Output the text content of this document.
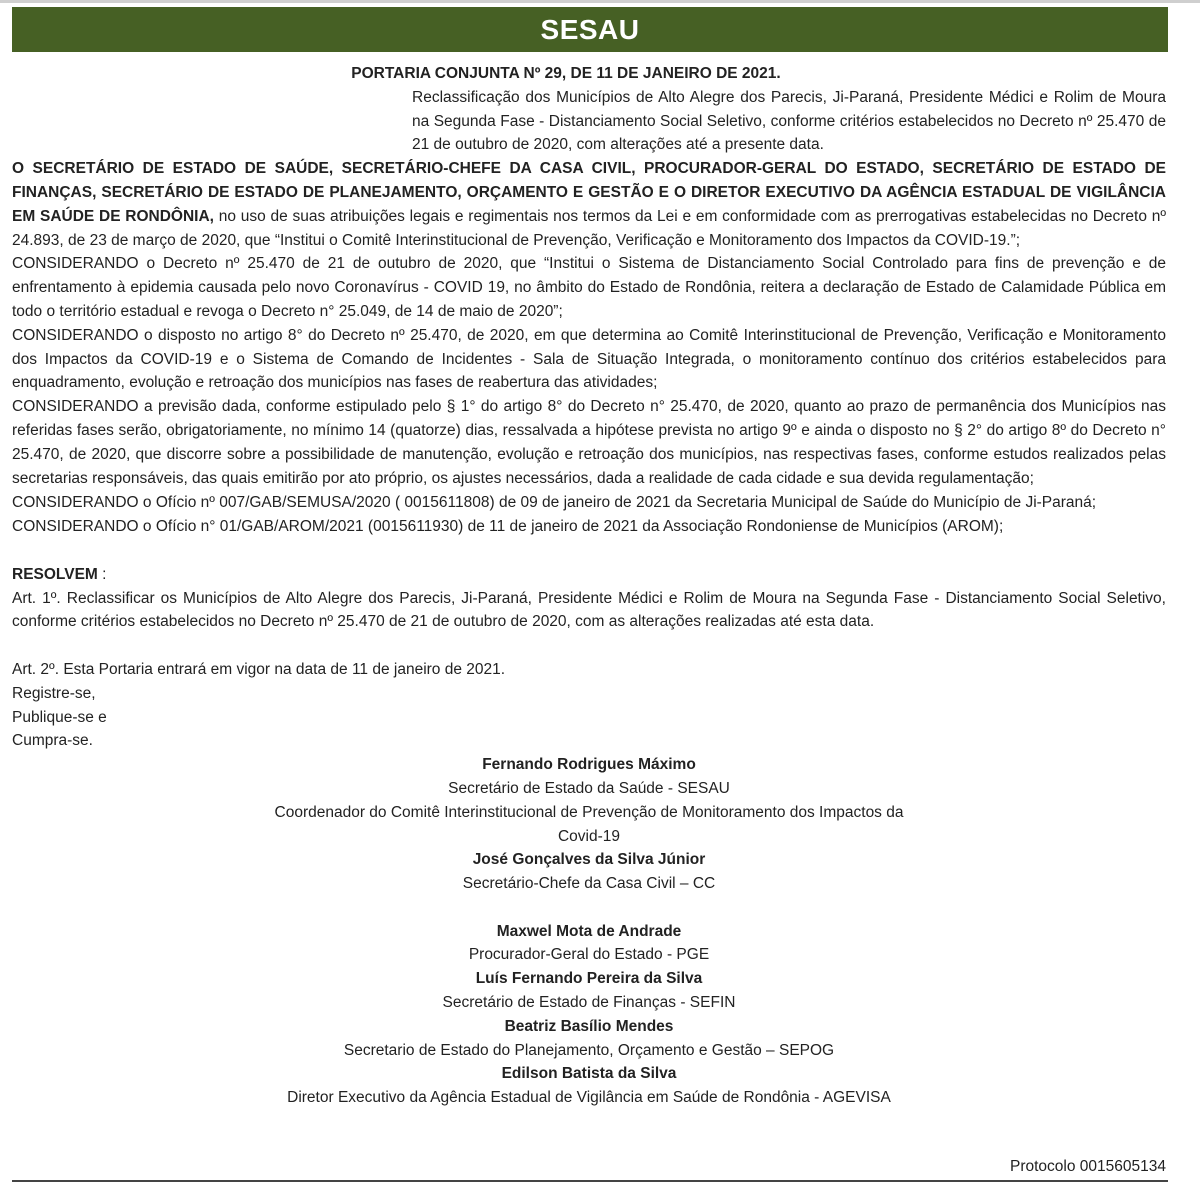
SESAU
PORTARIA CONJUNTA Nº 29, DE 11 DE JANEIRO DE 2021.

Reclassificação dos Municípios de Alto Alegre dos Parecis, Ji-Paraná, Presidente Médici e Rolim de Moura na Segunda Fase - Distanciamento Social Seletivo, conforme critérios estabelecidos no Decreto nº 25.470 de 21 de outubro de 2020, com alterações até a presente data.

O SECRETÁRIO DE ESTADO DE SAÚDE, SECRETÁRIO-CHEFE DA CASA CIVIL, PROCURADOR-GERAL DO ESTADO, SECRETÁRIO DE ESTADO DE FINANÇAS, SECRETÁRIO DE ESTADO DE PLANEJAMENTO, ORÇAMENTO E GESTÃO E O DIRETOR EXECUTIVO DA AGÊNCIA ESTADUAL DE VIGILÂNCIA EM SAÚDE DE RONDÔNIA, no uso de suas atribuições legais e regimentais nos termos da Lei e em conformidade com as prerrogativas estabelecidas no Decreto nº 24.893, de 23 de março de 2020, que “Institui o Comitê Interinstitucional de Prevenção, Verificação e Monitoramento dos Impactos da COVID-19.”;

CONSIDERANDO o Decreto nº 25.470 de 21 de outubro de 2020, que “Institui o Sistema de Distanciamento Social Controlado para fins de prevenção e de enfrentamento à epidemia causada pelo novo Coronavírus - COVID 19, no âmbito do Estado de Rondônia, reitera a declaração de Estado de Calamidade Pública em todo o território estadual e revoga o Decreto n° 25.049, de 14 de maio de 2020”;

CONSIDERANDO o disposto no artigo 8° do Decreto nº 25.470, de 2020, em que determina ao Comitê Interinstitucional de Prevenção, Verificação e Monitoramento dos Impactos da COVID-19 e o Sistema de Comando de Incidentes - Sala de Situação Integrada, o monitoramento contínuo dos critérios estabelecidos para enquadramento, evolução e retroação dos municípios nas fases de reabertura das atividades;

CONSIDERANDO a previsão dada, conforme estipulado pelo § 1° do artigo 8° do Decreto n° 25.470, de 2020, quanto ao prazo de permanência dos Municípios nas referidas fases serão, obrigatoriamente, no mínimo 14 (quatorze) dias, ressalvada a hipótese prevista no artigo 9º e ainda o disposto no § 2° do artigo 8º do Decreto n° 25.470, de 2020, que discorre sobre a possibilidade de manutenção, evolução e retroação dos municípios, nas respectivas fases, conforme estudos realizados pelas secretarias responsáveis, das quais emitirão por ato próprio, os ajustes necessários, dada a realidade de cada cidade e sua devida regulamentação;

CONSIDERANDO o Ofício nº 007/GAB/SEMUSA/2020 ( 0015611808) de 09 de janeiro de 2021 da Secretaria Municipal de Saúde do Município de Ji-Paraná;

CONSIDERANDO o Ofício n° 01/GAB/AROM/2021 (0015611930) de 11 de janeiro de 2021 da Associação Rondoniense de Municípios (AROM);

RESOLVEM :

Art. 1º. Reclassificar os Municípios de Alto Alegre dos Parecis, Ji-Paraná, Presidente Médici e Rolim de Moura na Segunda Fase - Distanciamento Social Seletivo, conforme critérios estabelecidos no Decreto nº 25.470 de 21 de outubro de 2020, com as alterações realizadas até esta data.

Art. 2º. Esta Portaria entrará em vigor na data de 11 de janeiro de 2021.

Registre-se,

Publique-se e

Cumpra-se.

Fernando Rodrigues Máximo
Secretário de Estado da Saúde - SESAU
Coordenador do Comitê Interinstitucional de Prevenção de Monitoramento dos Impactos da
Covid-19
José Gonçalves da Silva Júnior
Secretário-Chefe da Casa Civil – CC
Maxwel Mota de Andrade
Procurador-Geral do Estado - PGE
Luís Fernando Pereira da Silva
Secretário de Estado de Finanças - SEFIN
Beatriz Basílio Mendes
Secretario de Estado do Planejamento, Orçamento e Gestão – SEPOG
Edilson Batista da Silva
Diretor Executivo da Agência Estadual de Vigilância em Saúde de Rondônia - AGEVISA
Protocolo 0015605134
